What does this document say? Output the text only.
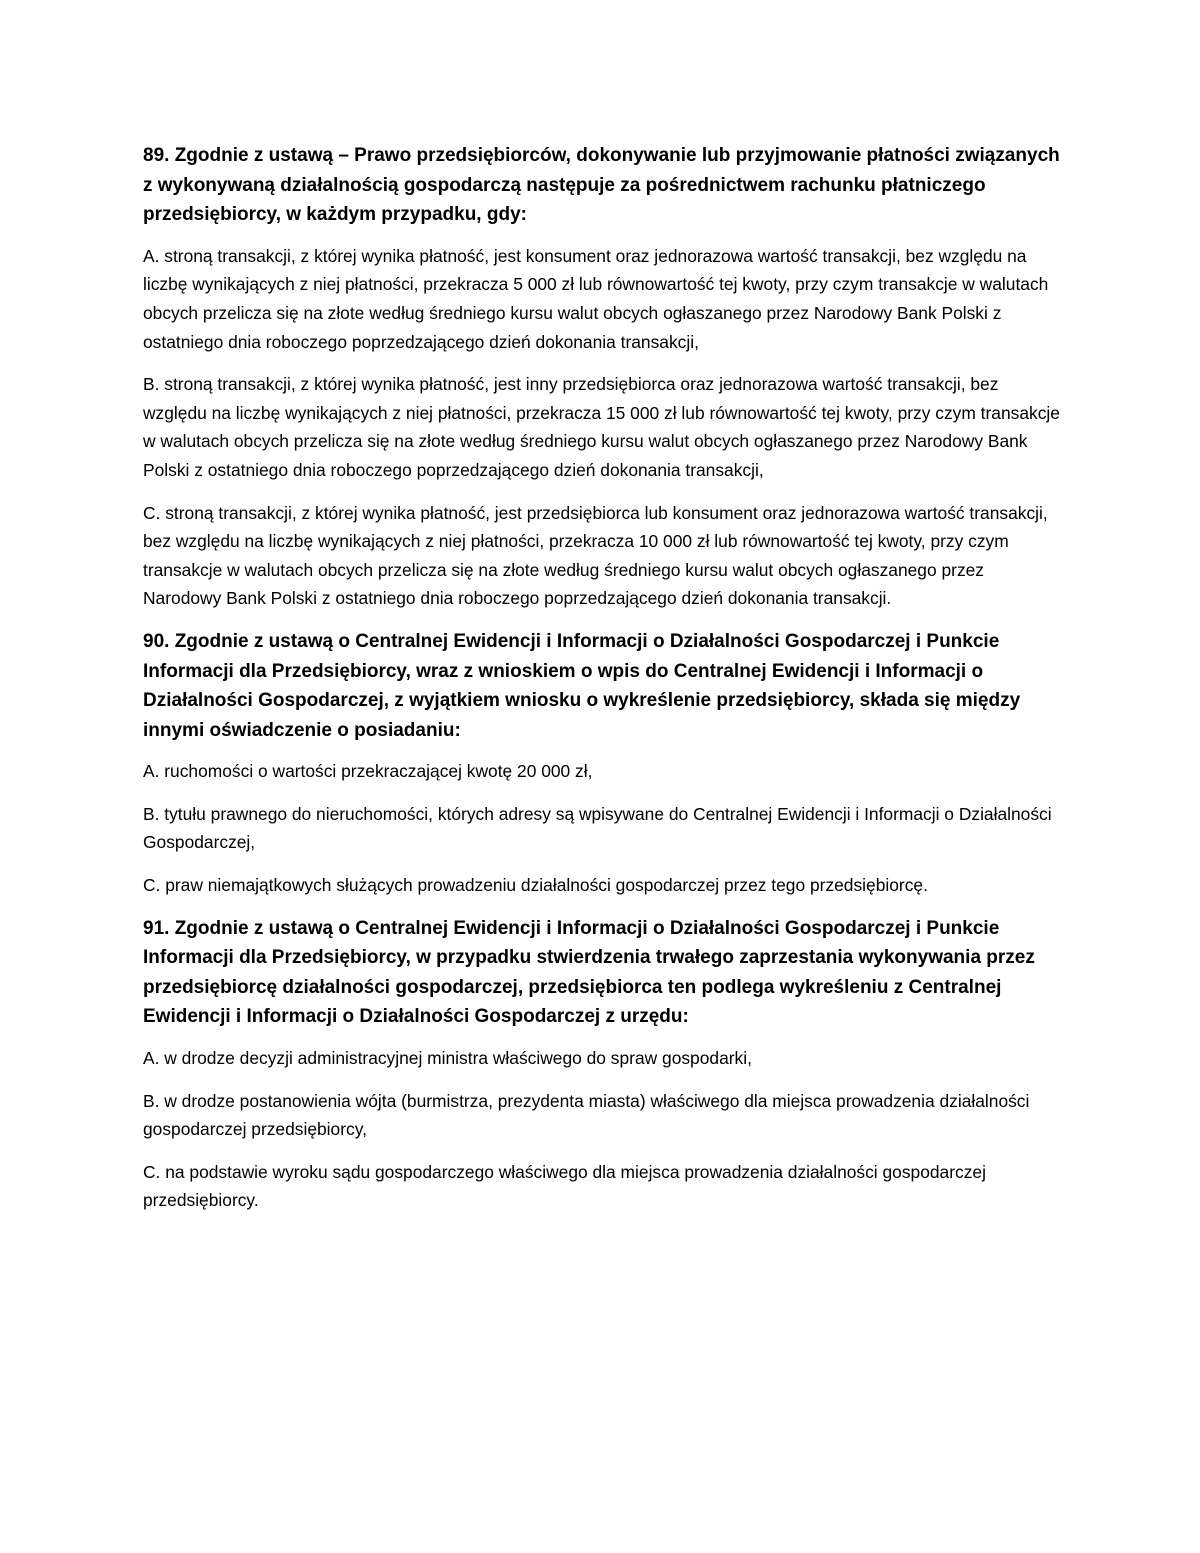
89. Zgodnie z ustawą – Prawo przedsiębiorców, dokonywanie lub przyjmowanie płatności związanych z wykonywaną działalnością gospodarczą następuje za pośrednictwem rachunku płatniczego przedsiębiorcy, w każdym przypadku, gdy:

A. stroną transakcji, z której wynika płatność, jest konsument oraz jednorazowa wartość transakcji, bez względu na liczbę wynikających z niej płatności, przekracza 5 000 zł lub równowartość tej kwoty, przy czym transakcje w walutach obcych przelicza się na złote według średniego kursu walut obcych ogłaszanego przez Narodowy Bank Polski z ostatniego dnia roboczego poprzedzającego dzień dokonania transakcji,

B. stroną transakcji, z której wynika płatność, jest inny przedsiębiorca oraz jednorazowa wartość transakcji, bez względu na liczbę wynikających z niej płatności, przekracza 15 000 zł lub równowartość tej kwoty, przy czym transakcje w walutach obcych przelicza się na złote według średniego kursu walut obcych ogłaszanego przez Narodowy Bank Polski z ostatniego dnia roboczego poprzedzającego dzień dokonania transakcji,

C. stroną transakcji, z której wynika płatność, jest przedsiębiorca lub konsument oraz jednorazowa wartość transakcji, bez względu na liczbę wynikających z niej płatności, przekracza 10 000 zł lub równowartość tej kwoty, przy czym transakcje w walutach obcych przelicza się na złote według średniego kursu walut obcych ogłaszanego przez Narodowy Bank Polski z ostatniego dnia roboczego poprzedzającego dzień dokonania transakcji.

90. Zgodnie z ustawą o Centralnej Ewidencji i Informacji o Działalności Gospodarczej i Punkcie Informacji dla Przedsiębiorcy, wraz z wnioskiem o wpis do Centralnej Ewidencji i Informacji o Działalności Gospodarczej, z wyjątkiem wniosku o wykreślenie przedsiębiorcy, składa się między innymi oświadczenie o posiadaniu:

A. ruchomości o wartości przekraczającej kwotę 20 000 zł,

B. tytułu prawnego do nieruchomości, których adresy są wpisywane do Centralnej Ewidencji i Informacji o Działalności Gospodarczej,

C. praw niemajątkowych służących prowadzeniu działalności gospodarczej przez tego przedsiębiorcę.

91. Zgodnie z ustawą o Centralnej Ewidencji i Informacji o Działalności Gospodarczej i Punkcie Informacji dla Przedsiębiorcy, w przypadku stwierdzenia trwałego zaprzestania wykonywania przez przedsiębiorcę działalności gospodarczej, przedsiębiorca ten podlega wykreśleniu z Centralnej Ewidencji i Informacji o Działalności Gospodarczej z urzędu:

A. w drodze decyzji administracyjnej ministra właściwego do spraw gospodarki,

B. w drodze postanowienia wójta (burmistrza, prezydenta miasta) właściwego dla miejsca prowadzenia działalności gospodarczej przedsiębiorcy,

C. na podstawie wyroku sądu gospodarczego właściwego dla miejsca prowadzenia działalności gospodarczej przedsiębiorcy.
